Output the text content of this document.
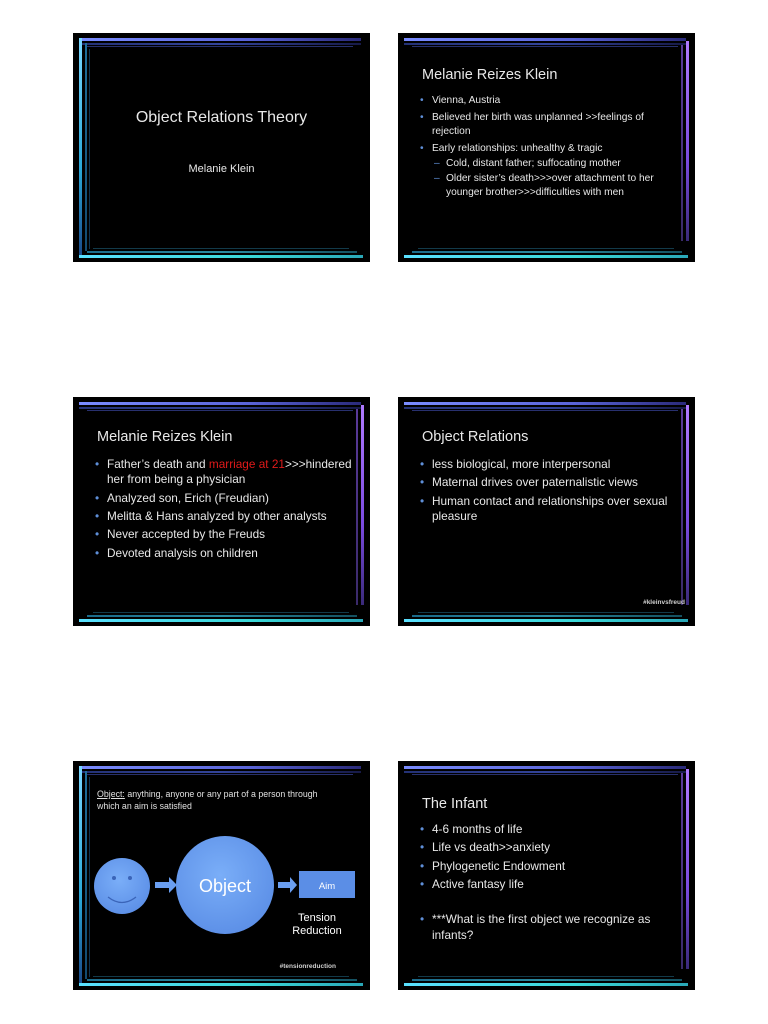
Object Relations Theory
Melanie Klein
Melanie Reizes Klein
• Vienna, Austria
• Believed her birth was unplanned >>feelings of rejection
• Early relationships: unhealthy & tragic
– Cold, distant father; suffocating mother
– Older sister’s death>>>over attachment to her younger brother>>>difficulties with men
Melanie Reizes Klein
• Father’s death and marriage at 21>>>hindered her from being a physician
• Analyzed son, Erich (Freudian)
• Melitta & Hans analyzed by other analysts
• Never accepted by the Freuds
• Devoted analysis on children
Object Relations
• less biological, more interpersonal
• Maternal drives over paternalistic views
• Human contact and relationships over sexual pleasure
#kleinvsfreud
Object: anything, anyone or any part of a person through which an aim is satisfied
Object	Aim
Tension
Reduction
#tensionreduction
The Infant
• 4-6 months of life
• Life vs death>>anxiety
• Phylogenetic Endowment
• Active fantasy life
• ***What is the first object we recognize as infants?
